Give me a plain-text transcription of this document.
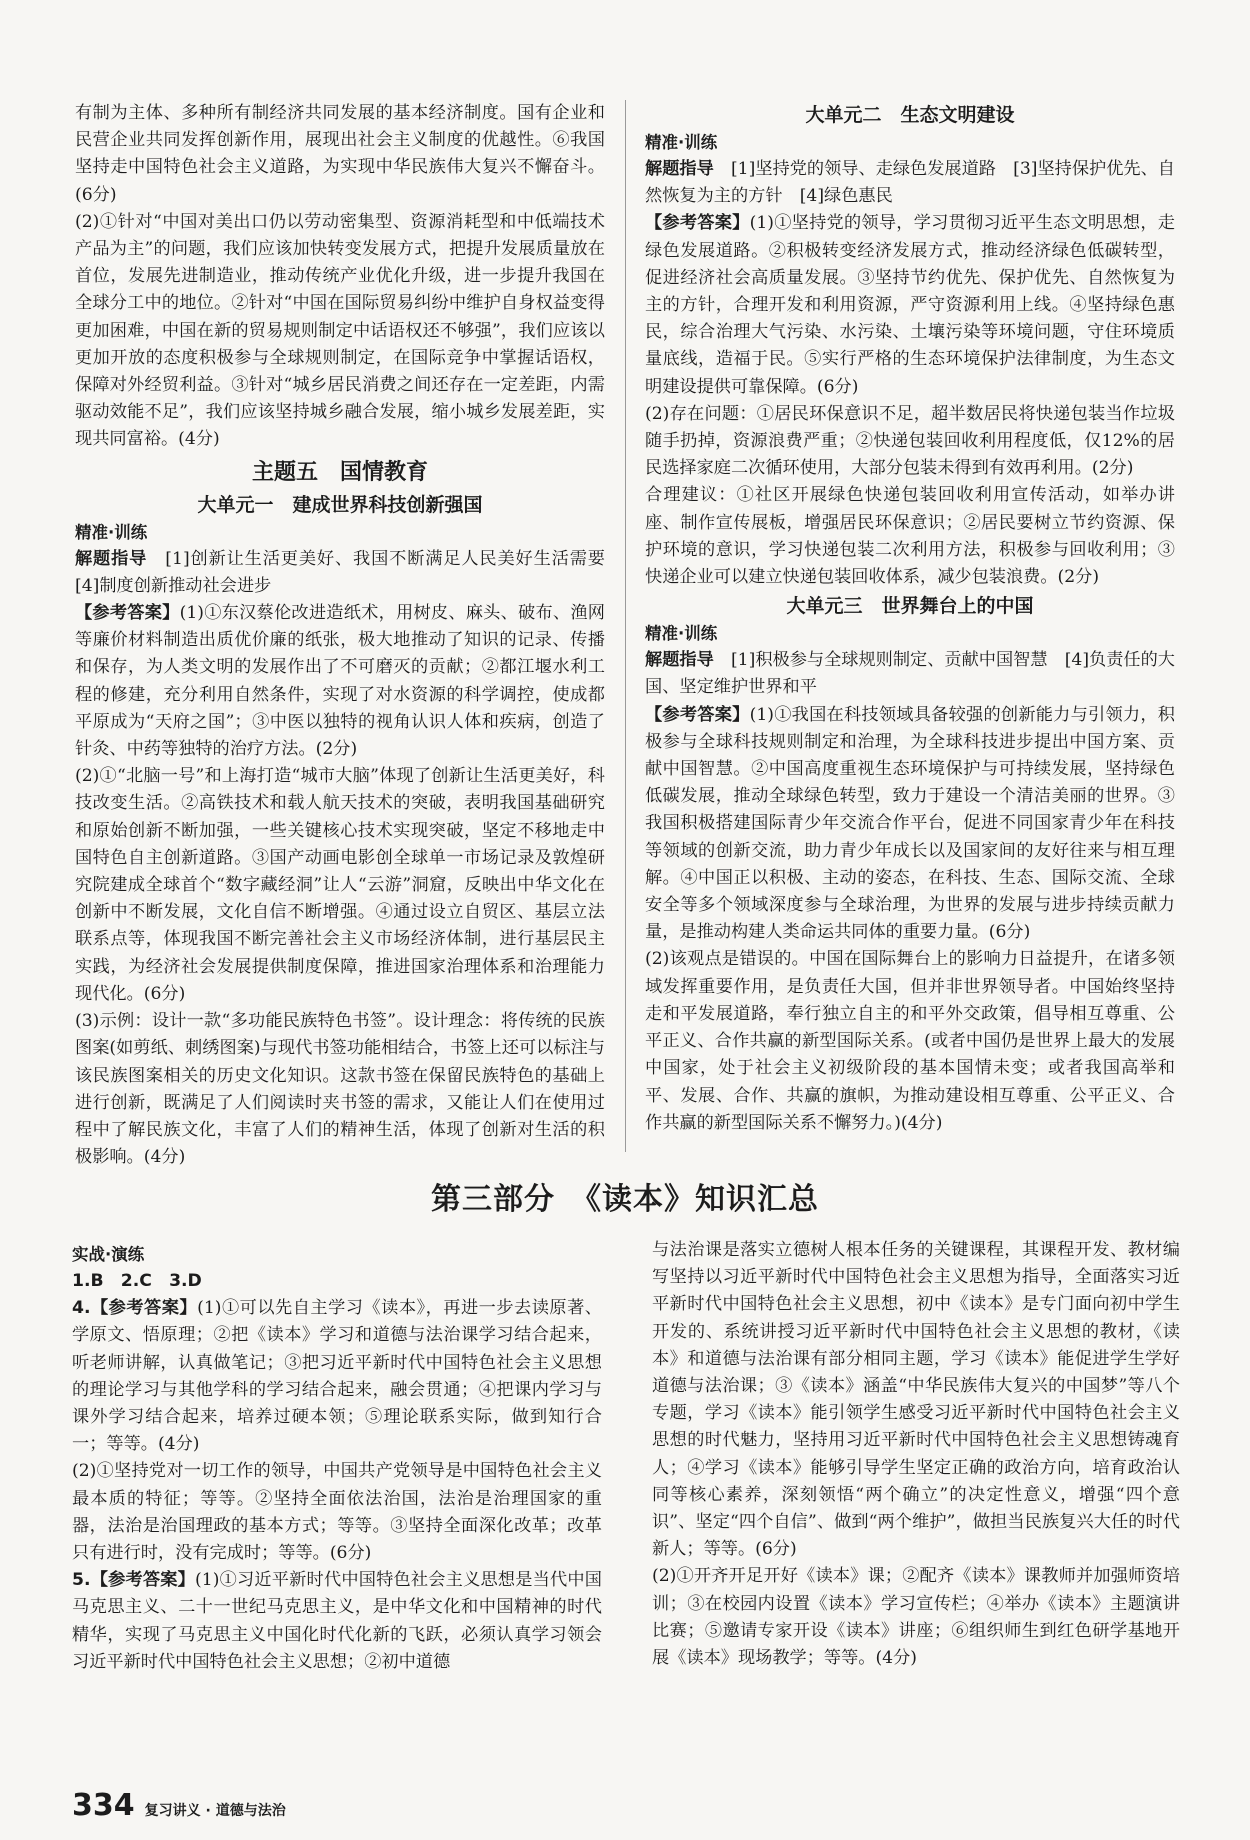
有制为主体、多种所有制经济共同发展的基本经济制度。国有企业和民营企业共同发挥创新作用，展现出社会主义制度的优越性。⑥我国坚持走中国特色社会主义道路，为实现中华民族伟大复兴不懈奋斗。(6分)

(2)①针对“中国对美出口仍以劳动密集型、资源消耗型和中低端技术产品为主”的问题，我们应该加快转变发展方式，把提升发展质量放在首位，发展先进制造业，推动传统产业优化升级，进一步提升我国在全球分工中的地位。②针对“中国在国际贸易纠纷中维护自身权益变得更加困难，中国在新的贸易规则制定中话语权还不够强”，我们应该以更加开放的态度积极参与全球规则制定，在国际竞争中掌握话语权，保障对外经贸利益。③针对“城乡居民消费之间还存在一定差距，内需驱动效能不足”，我们应该坚持城乡融合发展，缩小城乡发展差距，实现共同富裕。(4分)

主题五　国情教育
大单元一　建成世界科技创新强国
精准·训练

解题指导　 [1]创新让生活更美好、我国不断满足人民美好生活需要　[4]制度创新推动社会进步

【参考答案】(1)①东汉蔡伦改进造纸术，用树皮、麻头、破布、渔网等廉价材料制造出质优价廉的纸张，极大地推动了知识的记录、传播和保存，为人类文明的发展作出了不可磨灭的贡献；②都江堰水利工程的修建，充分利用自然条件，实现了对水资源的科学调控，使成都平原成为“天府之国”；③中医以独特的视角认识人体和疾病，创造了针灸、中药等独特的治疗方法。(2分)

(2)①“北脑一号”和上海打造“城市大脑”体现了创新让生活更美好，科技改变生活。②高铁技术和载人航天技术的突破，表明我国基础研究和原始创新不断加强，一些关键核心技术实现突破，坚定不移地走中国特色自主创新道路。③国产动画电影创全球单一市场记录及敦煌研究院建成全球首个“数字藏经洞”让人“云游”洞窟，反映出中华文化在创新中不断发展，文化自信不断增强。④通过设立自贸区、基层立法联系点等，体现我国不断完善社会主义市场经济体制，进行基层民主实践，为经济社会发展提供制度保障，推进国家治理体系和治理能力现代化。(6分)

(3)示例：设计一款“多功能民族特色书签”。设计理念：将传统的民族图案(如剪纸、刺绣图案)与现代书签功能相结合，书签上还可以标注与该民族图案相关的历史文化知识。这款书签在保留民族特色的基础上进行创新，既满足了人们阅读时夹书签的需求，又能让人们在使用过程中了解民族文化，丰富了人们的精神生活，体现了创新对生活的积极影响。(4分)

大单元二　生态文明建设
精准·训练

解题指导　 [1]坚持党的领导、走绿色发展道路　[3]坚持保护优先、自然恢复为主的方针　[4]绿色惠民

【参考答案】(1)①坚持党的领导，学习贯彻习近平生态文明思想，走绿色发展道路。②积极转变经济发展方式，推动经济绿色低碳转型，促进经济社会高质量发展。③坚持节约优先、保护优先、自然恢复为主的方针，合理开发和利用资源，严守资源利用上线。④坚持绿色惠民，综合治理大气污染、水污染、土壤污染等环境问题，守住环境质量底线，造福于民。⑤实行严格的生态环境保护法律制度，为生态文明建设提供可靠保障。(6分)

(2)存在问题：①居民环保意识不足，超半数居民将快递包装当作垃圾随手扔掉，资源浪费严重；②快递包装回收利用程度低，仅12%的居民选择家庭二次循环使用，大部分包装未得到有效再利用。(2分)

合理建议：①社区开展绿色快递包装回收利用宣传活动，如举办讲座、制作宣传展板，增强居民环保意识；②居民要树立节约资源、保护环境的意识，学习快递包装二次利用方法，积极参与回收利用；③快递企业可以建立快递包装回收体系，减少包装浪费。(2分)

大单元三　世界舞台上的中国
精准·训练

解题指导　 [1]积极参与全球规则制定、贡献中国智慧　[4]负责任的大国、坚定维护世界和平

【参考答案】(1)①我国在科技领域具备较强的创新能力与引领力，积极参与全球科技规则制定和治理，为全球科技进步提出中国方案、贡献中国智慧。②中国高度重视生态环境保护与可持续发展，坚持绿色低碳发展，推动全球绿色转型，致力于建设一个清洁美丽的世界。③我国积极搭建国际青少年交流合作平台，促进不同国家青少年在科技等领域的创新交流，助力青少年成长以及国家间的友好往来与相互理解。④中国正以积极、主动的姿态，在科技、生态、国际交流、全球安全等多个领域深度参与全球治理，为世界的发展与进步持续贡献力量，是推动构建人类命运共同体的重要力量。(6分)

(2)该观点是错误的。中国在国际舞台上的影响力日益提升，在诸多领域发挥重要作用，是负责任大国，但并非世界领导者。中国始终坚持走和平发展道路，奉行独立自主的和平外交政策，倡导相互尊重、公平正义、合作共赢的新型国际关系。(或者中国仍是世界上最大的发展中国家，处于社会主义初级阶段的基本国情未变；或者我国高举和平、发展、合作、共赢的旗帜，为推动建设相互尊重、公平正义、合作共赢的新型国际关系不懈努力。)(4分)

第三部分　《读本》知识汇总
实战·演练

1.B　2.C　3.D

4.【参考答案】(1)①可以先自主学习《读本》，再进一步去读原著、学原文、悟原理；②把《读本》学习和道德与法治课学习结合起来，听老师讲解，认真做笔记；③把习近平新时代中国特色社会主义思想的理论学习与其他学科的学习结合起来，融会贯通；④把课内学习与课外学习结合起来，培养过硬本领；⑤理论联系实际，做到知行合一；等等。(4分)

(2)①坚持党对一切工作的领导，中国共产党领导是中国特色社会主义最本质的特征；等等。②坚持全面依法治国，法治是治理国家的重器，法治是治国理政的基本方式；等等。③坚持全面深化改革；改革只有进行时，没有完成时；等等。(6分)

5.【参考答案】(1)①习近平新时代中国特色社会主义思想是当代中国马克思主义、二十一世纪马克思主义，是中华文化和中国精神的时代精华，实现了马克思主义中国化时代化新的飞跃，必须认真学习领会习近平新时代中国特色社会主义思想；②初中道德

与法治课是落实立德树人根本任务的关键课程，其课程开发、教材编写坚持以习近平新时代中国特色社会主义思想为指导，全面落实习近平新时代中国特色社会主义思想，初中《读本》是专门面向初中学生开发的、系统讲授习近平新时代中国特色社会主义思想的教材，《读本》和道德与法治课有部分相同主题，学习《读本》能促进学生学好道德与法治课；③《读本》涵盖“中华民族伟大复兴的中国梦”等八个专题，学习《读本》能引领学生感受习近平新时代中国特色社会主义思想的时代魅力，坚持用习近平新时代中国特色社会主义思想铸魂育人；④学习《读本》能够引导学生坚定正确的政治方向，培育政治认同等核心素养，深刻领悟“两个确立”的决定性意义，增强“四个意识”、坚定“四个自信”、做到“两个维护”，做担当民族复兴大任的时代新人；等等。(6分)

(2)①开齐开足开好《读本》课；②配齐《读本》课教师并加强师资培训；③在校园内设置《读本》学习宣传栏；④举办《读本》主题演讲比赛；⑤邀请专家开设《读本》讲座；⑥组织师生到红色研学基地开展《读本》现场教学；等等。(4分)

334 复习讲义 · 道德与法治
